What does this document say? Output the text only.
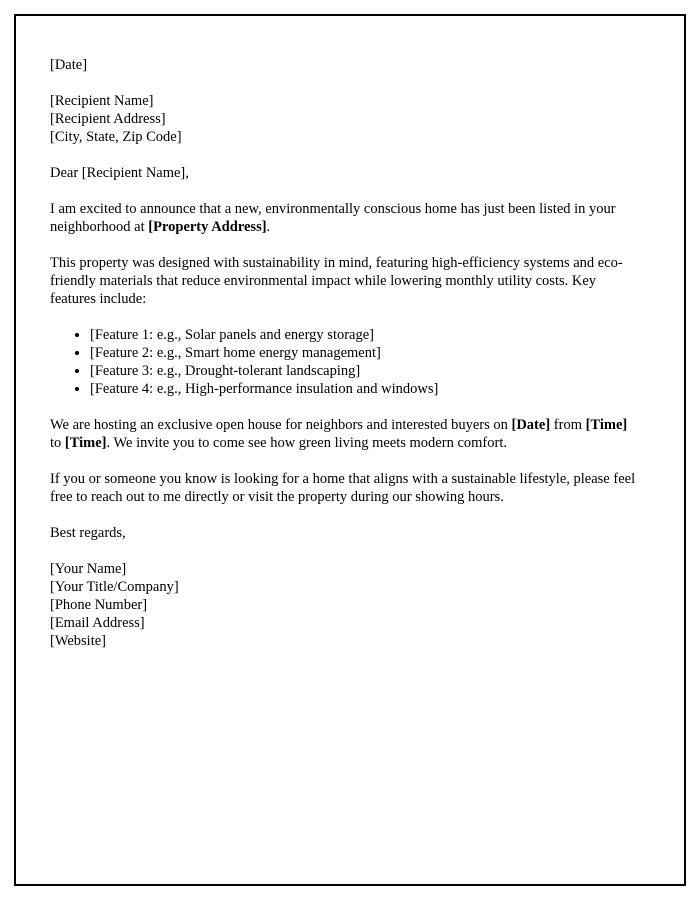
[Date]

[Recipient Name]
[Recipient Address]
[City, State, Zip Code]

Dear [Recipient Name],

I am excited to announce that a new, environmentally conscious home has just been listed in your neighborhood at [Property Address].

This property was designed with sustainability in mind, featuring high-efficiency systems and eco-friendly materials that reduce environmental impact while lowering monthly utility costs. Key features include:

• [Feature 1: e.g., Solar panels and energy storage]
• [Feature 2: e.g., Smart home energy management]
• [Feature 3: e.g., Drought-tolerant landscaping]
• [Feature 4: e.g., High-performance insulation and windows]

We are hosting an exclusive open house for neighbors and interested buyers on [Date] from [Time] to [Time]. We invite you to come see how green living meets modern comfort.

If you or someone you know is looking for a home that aligns with a sustainable lifestyle, please feel free to reach out to me directly or visit the property during our showing hours.

Best regards,

[Your Name]
[Your Title/Company]
[Phone Number]
[Email Address]
[Website]
